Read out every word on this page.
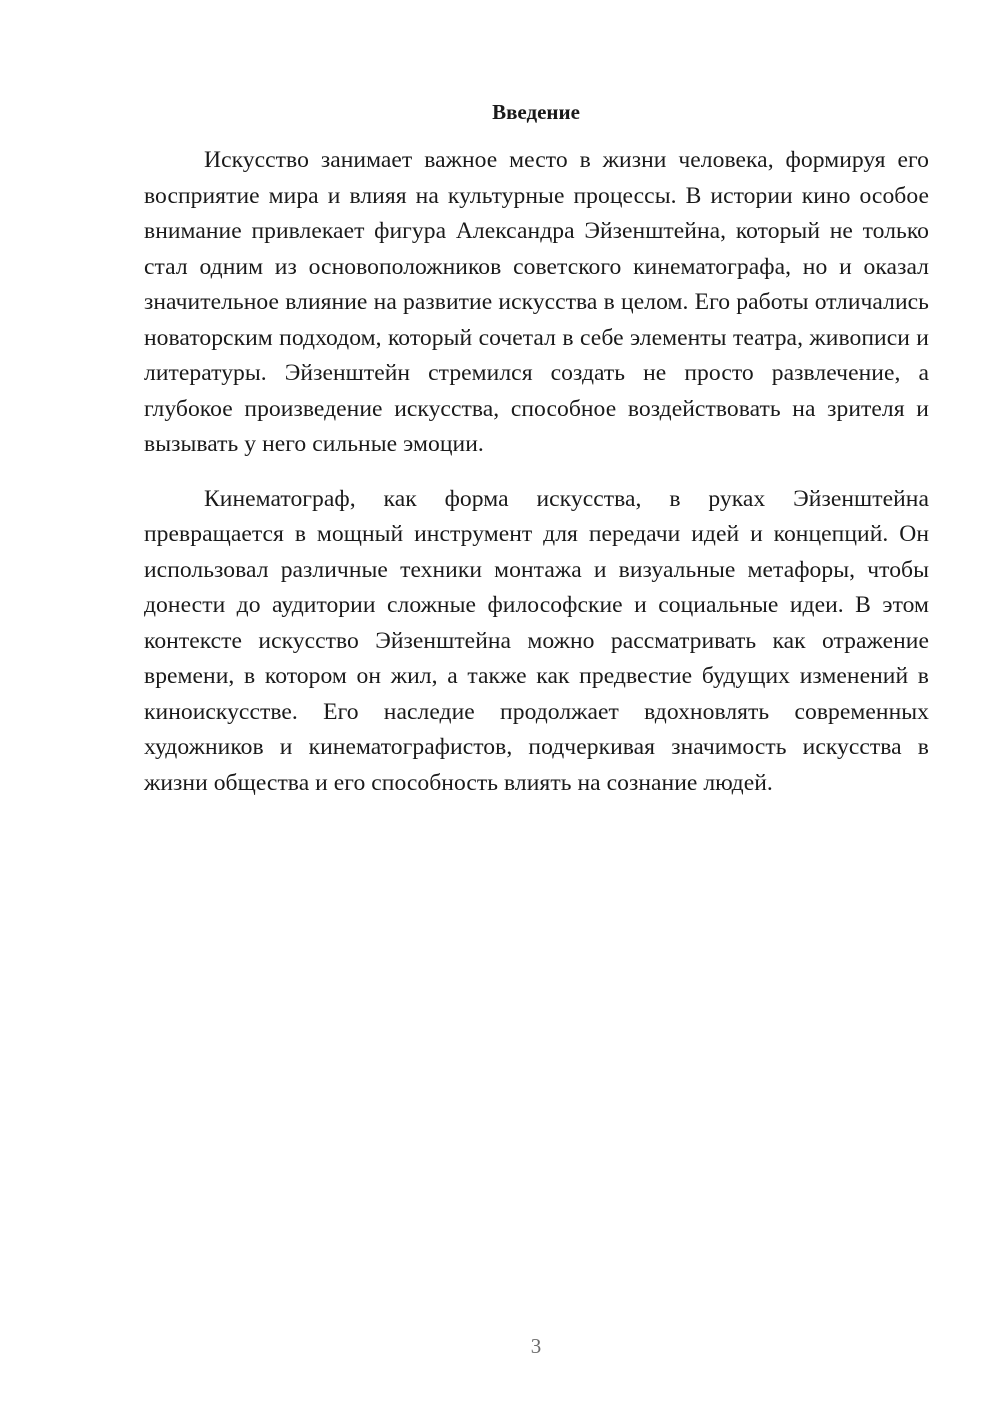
Введение

Искусство занимает важное место в жизни человека, формируя его восприятие мира и влияя на культурные процессы. В истории кино особое внимание привлекает фигура Александра Эйзенштейна, который не только стал одним из основоположников советского кинематографа, но и оказал значительное влияние на развитие искусства в целом. Его работы отличались новаторским подходом, который сочетал в себе элементы театра, живописи и литературы. Эйзенштейн стремился создать не просто развлечение, а глубокое произведение искусства, способное воздействовать на зрителя и вызывать у него сильные эмоции.

Кинематограф, как форма искусства, в руках Эйзенштейна превращается в мощный инструмент для передачи идей и концепций. Он использовал различные техники монтажа и визуальные метафоры, чтобы донести до аудитории сложные философские и социальные идеи. В этом контексте искусство Эйзенштейна можно рассматривать как отражение времени, в котором он жил, а также как предвестие будущих изменений в киноискусстве. Его наследие продолжает вдохновлять современных художников и кинематографистов, подчеркивая значимость искусства в жизни общества и его способность влиять на сознание людей.

3
